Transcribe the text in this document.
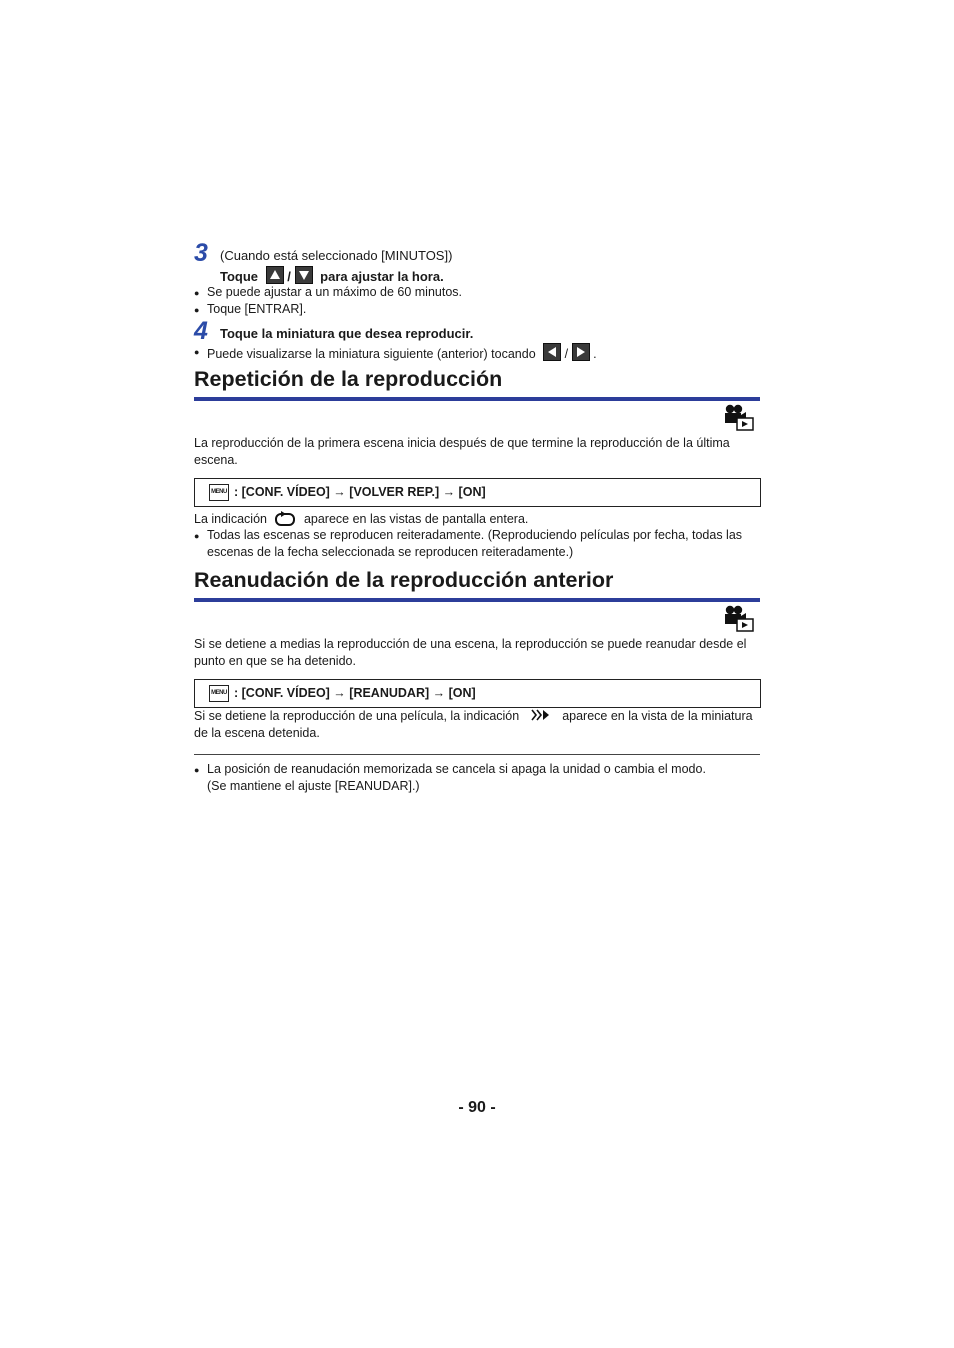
3 (Cuando está seleccionado [MINUTOS])
Toque / para ajustar la hora.
● Se puede ajustar a un máximo de 60 minutos.
● Toque [ENTRAR].
4 Toque la miniatura que desea reproducir.
● Puede visualizarse la miniatura siguiente (anterior) tocando / .
Repetición de la reproducción
La reproducción de la primera escena inicia después de que termine la reproducción de la última
escena.
MENU : [CONF. VÍDEO] → [VOLVER REP.] → [ON]
La indicación	aparece en las vistas de pantalla entera.
● Todas las escenas se reproducen reiteradamente. (Reproduciendo películas por fecha, todas las
escenas de la fecha seleccionada se reproducen reiteradamente.)
Reanudación de la reproducción anterior
Si se detiene a medias la reproducción de una escena, la reproducción se puede reanudar desde el
punto en que se ha detenido.
MENU : [CONF. VÍDEO] → [REANUDAR] → [ON]
Si se detiene la reproducción de una película, la indicación	aparece en la vista de la miniatura
de la escena detenida.
● La posición de reanudación memorizada se cancela si apaga la unidad o cambia el modo.
(Se mantiene el ajuste [REANUDAR].)
- 90 -
